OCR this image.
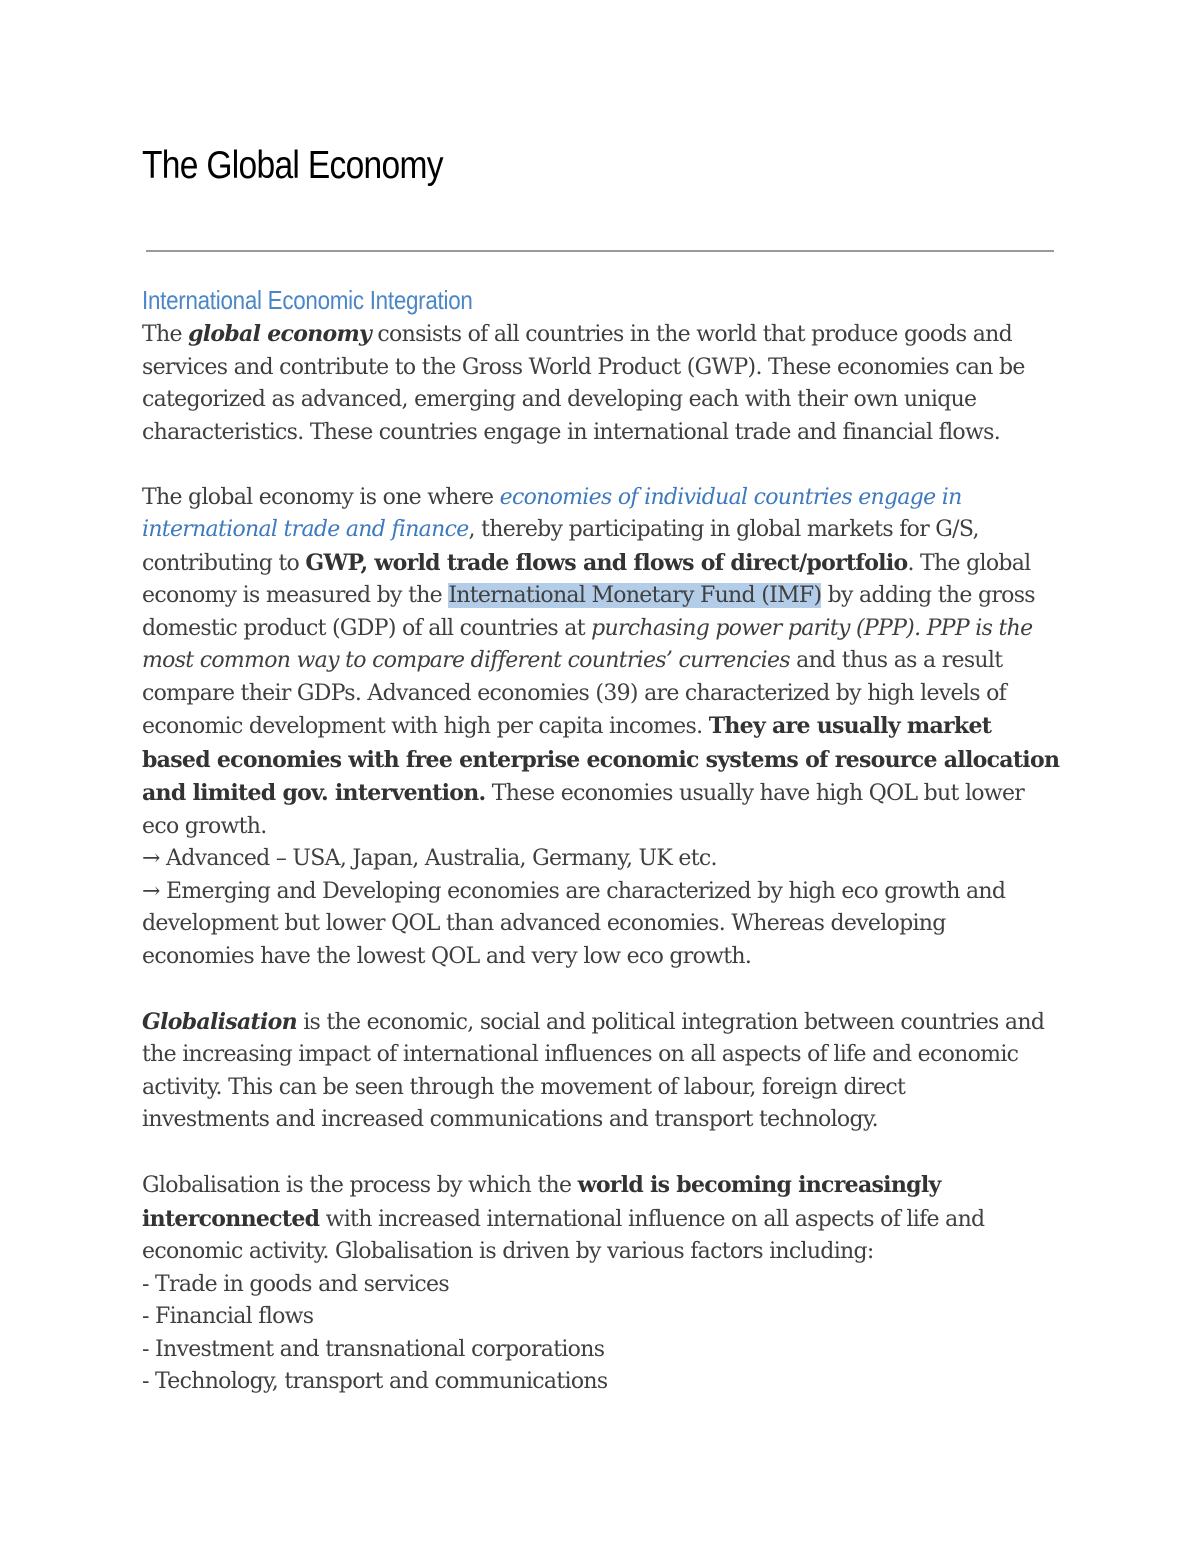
The Global Economy
International Economic Integration

The global economy consists of all countries in the world that produce goods and
services and contribute to the Gross World Product (GWP). These economies can be
categorized as advanced, emerging and developing each with their own unique
characteristics. These countries engage in international trade and financial flows.

The global economy is one where economies of individual countries engage in
international trade and finance, thereby participating in global markets for G/S,
contributing to GWP, world trade flows and flows of direct/portfolio. The global
economy is measured by the International Monetary Fund (IMF) by adding the gross
domestic product (GDP) of all countries at purchasing power parity (PPP). PPP is the
most common way to compare different countries’ currencies and thus as a result
compare their GDPs. Advanced economies (39) are characterized by high levels of
economic development with high per capita incomes. They are usually market
based economies with free enterprise economic systems of resource allocation
and limited gov. intervention. These economies usually have high QOL but lower
eco growth.
→ Advanced – USA, Japan, Australia, Germany, UK etc.
→ Emerging and Developing economies are characterized by high eco growth and
development but lower QOL than advanced economies. Whereas developing
economies have the lowest QOL and very low eco growth.

Globalisation is the economic, social and political integration between countries and
the increasing impact of international influences on all aspects of life and economic
activity. This can be seen through the movement of labour, foreign direct
investments and increased communications and transport technology.

Globalisation is the process by which the world is becoming increasingly
interconnected with increased international influence on all aspects of life and
economic activity. Globalisation is driven by various factors including:
- Trade in goods and services
- Financial flows
- Investment and transnational corporations
- Technology, transport and communications
